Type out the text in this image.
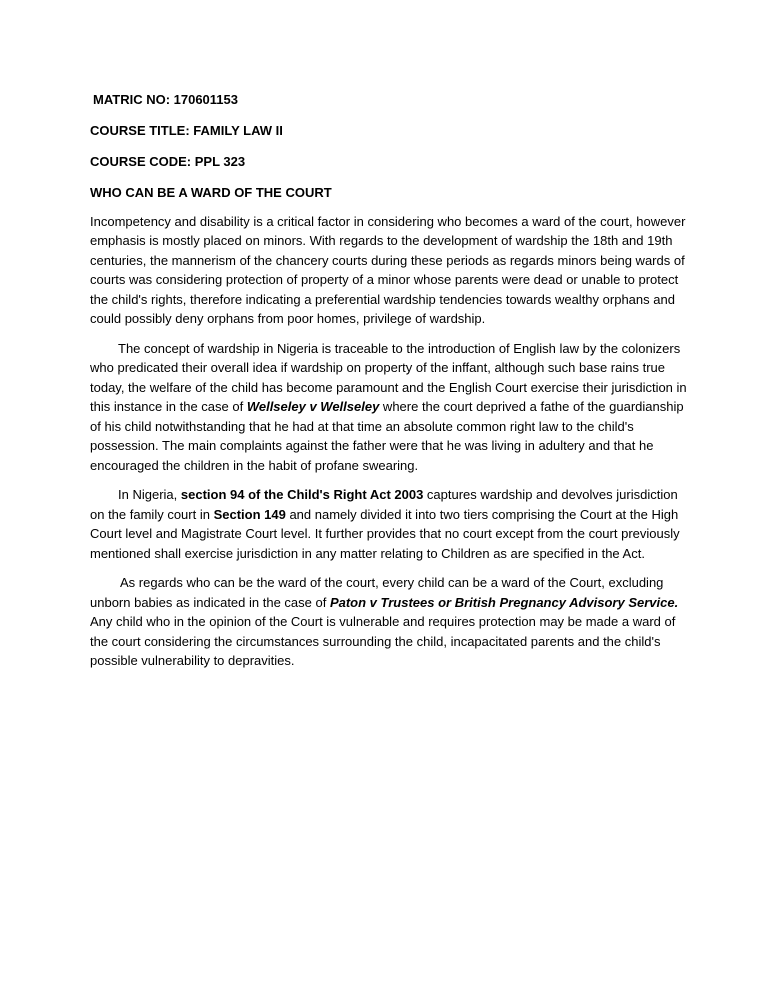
MATRIC NO: 170601153

COURSE TITLE: FAMILY LAW II

COURSE CODE: PPL 323

WHO CAN BE A WARD OF THE COURT

Incompetency and disability is a critical factor in considering who becomes a ward of the court, however emphasis is mostly placed on minors. With regards to the development of wardship the 18th and 19th centuries, the mannerism of the chancery courts during these periods as regards minors being wards of courts was considering protection of property of a minor whose parents were dead or unable to protect the child's rights, therefore indicating a preferential wardship tendencies towards wealthy orphans and could possibly deny orphans from poor homes, privilege of wardship.

The concept of wardship in Nigeria is traceable to the introduction of English law by the colonizers who predicated their overall idea if wardship on property of the inffant, although such base rains true today, the welfare of the child has become paramount and the English Court exercise their jurisdiction in this instance in the case of Wellseley v Wellseley where the court deprived a fathe of the guardianship of his child notwithstanding that he had at that time an absolute common right law to the child's possession. The main complaints against the father were that he was living in adultery and that he encouraged the children in the habit of profane swearing.

In Nigeria, section 94 of the Child's Right Act 2003 captures wardship and devolves jurisdiction on the family court in Section 149 and namely divided it into two tiers comprising the Court at the High Court level and Magistrate Court level. It further provides that no court except from the court previously mentioned shall exercise jurisdiction in any matter relating to Children as are specified in the Act.

As regards who can be the ward of the court, every child can be a ward of the Court, excluding unborn babies as indicated in the case of Paton v Trustees or British Pregnancy Advisory Service. Any child who in the opinion of the Court is vulnerable and requires protection may be made a ward of the court considering the circumstances surrounding the child, incapacitated parents and the child's possible vulnerability to depravities.
